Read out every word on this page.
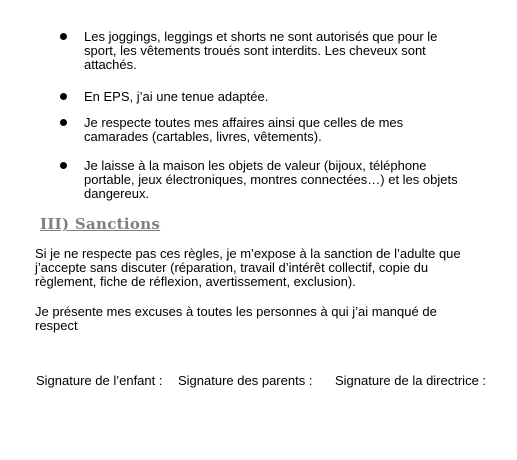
Les joggings, leggings et shorts ne sont autorisés que pour le
sport, les vêtements troués sont interdits. Les cheveux sont
attachés.
En EPS, j’ai une tenue adaptée.
Je respecte toutes mes affaires ainsi que celles de mes
camarades (cartables, livres, vêtements).
Je laisse à la maison les objets de valeur (bijoux, téléphone
portable, jeux électroniques, montres connectées…) et les objets
dangereux.
III) Sanctions
Si je ne respecte pas ces règles, je m’expose à la sanction de l’adulte que
j’accepte sans discuter (réparation, travail d’intérêt collectif, copie du
règlement, fiche de réflexion, avertissement, exclusion).
Je présente mes excuses à toutes les personnes à qui j’ai manqué de
respect
Signature de l’enfant : Signature des parents : Signature de la directrice :
